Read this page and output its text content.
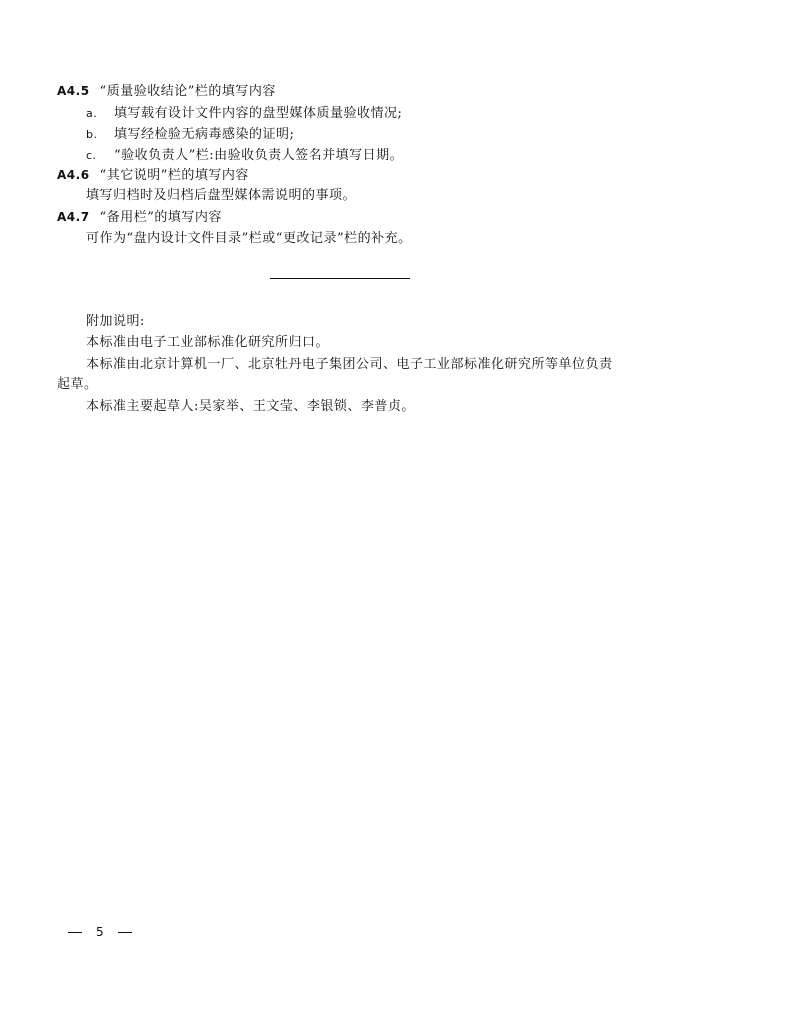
A4.5 “质量验收结论”栏的填写内容
a. 填写载有设计文件内容的盘型媒体质量验收情况;
b. 填写经检验无病毒感染的证明;
c. “验收负责人”栏:由验收负责人签名并填写日期。
A4.6 “其它说明”栏的填写内容
填写归档时及归档后盘型媒体需说明的事项。
A4.7 “备用栏”的填写内容
可作为“盘内设计文件目录”栏或“更改记录”栏的补充。
附加说明:
本标准由电子工业部标准化研究所归口。
本标准由北京计算机一厂、北京牡丹电子集团公司、电子工业部标准化研究所等单位负责
起草。
本标准主要起草人:吴家举、王文莹、李银锁、李普贞。
5
